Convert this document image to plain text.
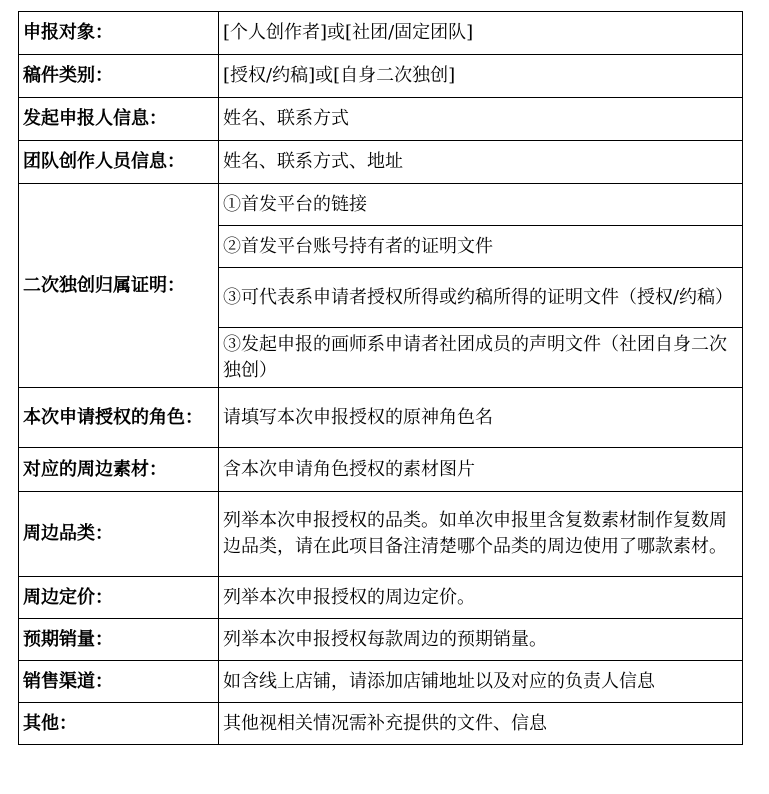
申报对象：	[个人创作者]或[社团/固定团队]
稿件类别：	[授权/约稿]或[自身二次独创]
发起申报人信息：	姓名、联系方式
团队创作人员信息：	姓名、联系方式、地址
二次独创归属证明：	①首发平台的链接
	②首发平台账号持有者的证明文件
	③可代表系申请者授权所得或约稿所得的证明文件（授权/约稿）
	③发起申报的画师系申请者社团成员的声明文件（社团自身二次独创）
本次申请授权的角色：	请填写本次申报授权的原神角色名
对应的周边素材：	含本次申请角色授权的素材图片
周边品类：	列举本次申报授权的品类。如单次申报里含复数素材制作复数周边品类，请在此项目备注清楚哪个品类的周边使用了哪款素材。
周边定价：	列举本次申报授权的周边定价。
预期销量：	列举本次申报授权每款周边的预期销量。
销售渠道：	如含线上店铺，请添加店铺地址以及对应的负责人信息
其他：	其他视相关情况需补充提供的文件、信息
